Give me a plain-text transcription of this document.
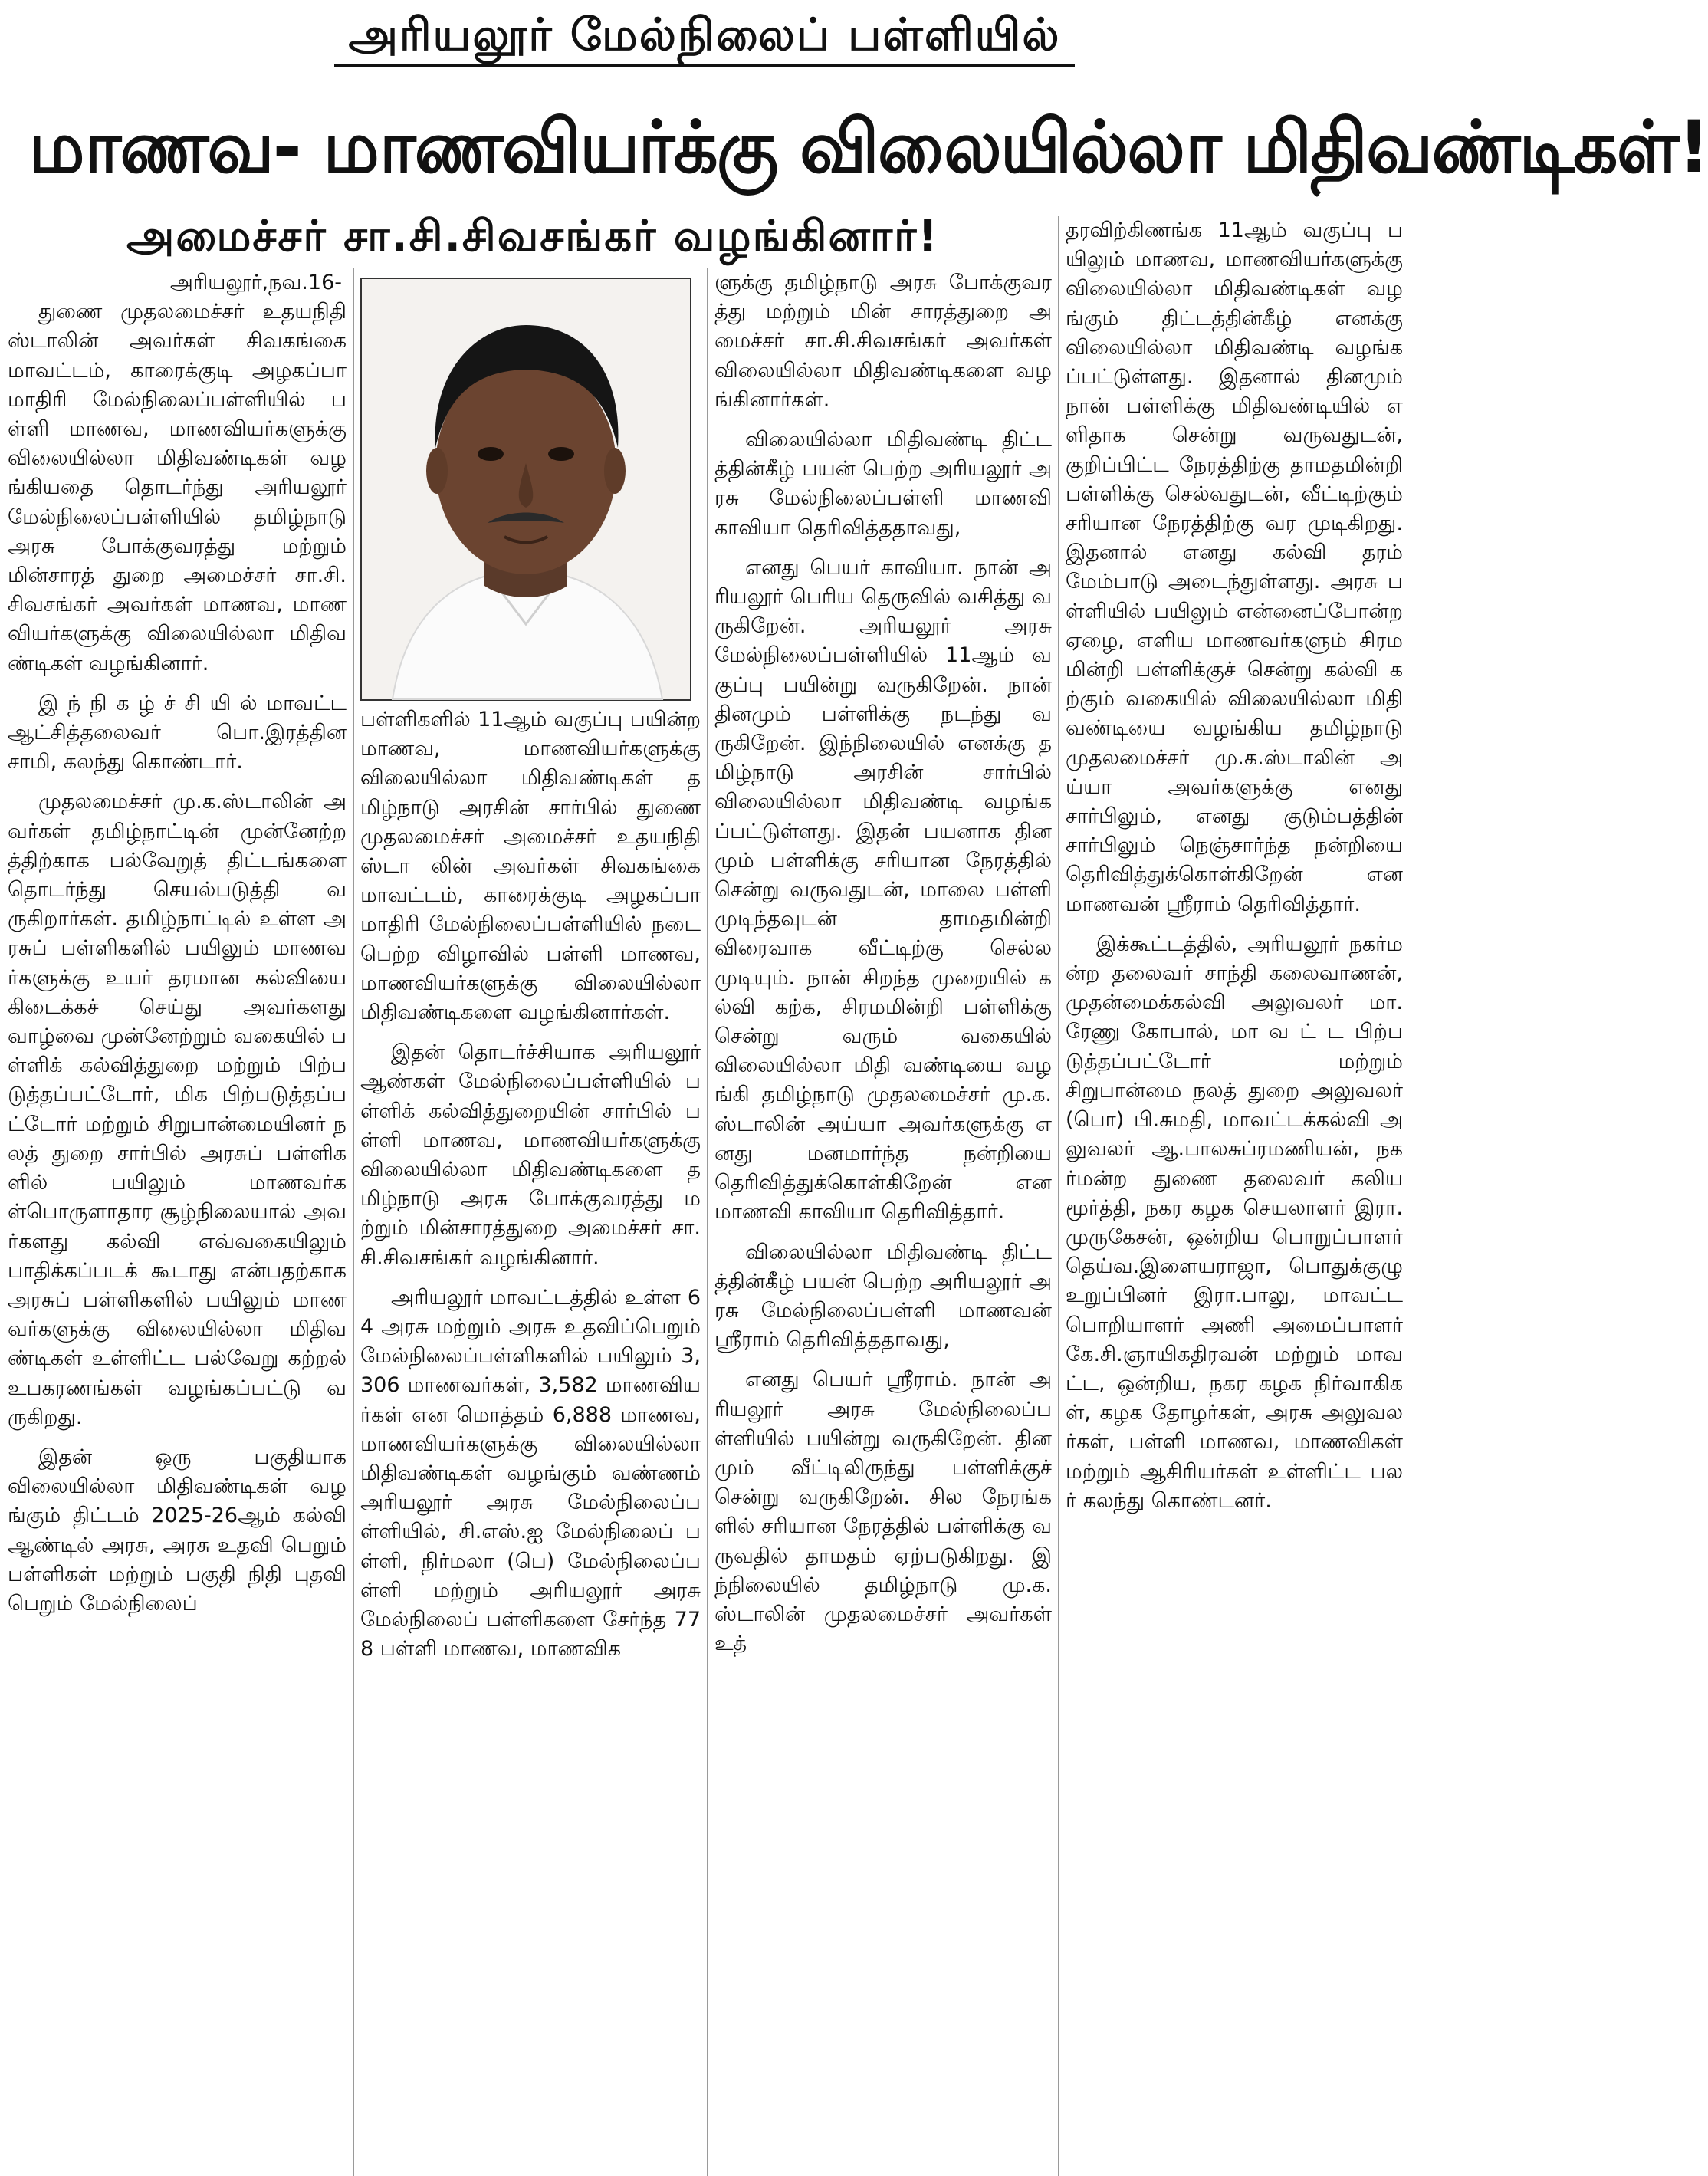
அரியலூர் மேல்நிலைப் பள்ளியில்
மாணவ- மாணவியர்க்கு விலையில்லா மிதிவண்டிகள்!
அமைச்சர் சா.சி.சிவசங்கர் வழங்கினார்!
அரியலூர்,நவ.16-

துணை முதலமைச்சர் உதயநிதி ஸ்டாலின் அவர்கள் சிவகங்கை மாவட்டம், காரைக்குடி அழகப்பா மாதிரி மேல்நிலைப்பள்ளியில் பள்ளி மாணவ, மாணவியர்களுக்கு விலையில்லா மிதிவண்டிகள் வழங்கியதை தொடர்ந்து அரியலூர் மேல்நிலைப்பள்ளியில் தமிழ்நாடு அரசு போக்குவரத்து மற்றும் மின்சாரத் துறை அமைச்சர் சா.சி.சிவசங்கர் அவர்கள் மாணவ, மாணவியர்களுக்கு விலையில்லா மிதிவண்டிகள் வழங்கினார்.

இ ந் நி க ழ் ச் சி யி ல் மாவட்ட ஆட்சித்தலைவர் பொ.இரத்தினசாமி, கலந்து கொண்டார்.

முதலமைச்சர் மு.க.ஸ்டாலின் அவர்கள் தமிழ்நாட்டின் முன்னேற்றத்திற்காக பல்வேறுத் திட்டங்களை தொடர்ந்து செயல்படுத்தி வருகிறார்கள். தமிழ்நாட்டில் உள்ள அரசுப் பள்ளிகளில் பயிலும் மாணவர்களுக்கு உயர் தரமான கல்வியை கிடைக்கச் செய்து அவர்களது வாழ்வை முன்னேற்றும் வகையில் பள்ளிக் கல்வித்துறை மற்றும் பிற்படுத்தப்பட்டோர், மிக பிற்படுத்தப்பட்டோர் மற்றும் சிறுபான்மையினர் நலத் துறை சார்பில் அரசுப் பள்ளிகளில் பயிலும் மாணவர்கள்பொருளாதார சூழ்நிலையால் அவர்களது கல்வி எவ்வகையிலும் பாதிக்கப்படக் கூடாது என்பதற்காக அரசுப் பள்ளிகளில் பயிலும் மாணவர்களுக்கு விலையில்லா மிதிவண்டிகள் உள்ளிட்ட பல்வேறு கற்றல் உபகரணங்கள் வழங்கப்பட்டு வருகிறது.

இதன் ஒரு பகுதியாக விலையில்லா மிதிவண்டிகள் வழங்கும் திட்டம் 2025-26ஆம் கல்வி ஆண்டில் அரசு, அரசு உதவி பெறும் பள்ளிகள் மற்றும் பகுதி நிதி புதவி பெறும் மேல்நிலைப்

பள்ளிகளில் 11ஆம் வகுப்பு பயின்ற மாணவ, மாணவியர்களுக்கு விலையில்லா மிதிவண்டிகள் தமிழ்நாடு அரசின் சார்பில் துணை முதலமைச்சர் அமைச்சர் உதயநிதி ஸ்டா லின் அவர்கள் சிவகங்கை மாவட்டம், காரைக்குடி அழகப்பா மாதிரி மேல்நிலைப்பள்ளியில் நடை பெற்ற விழாவில் பள்ளி மாணவ, மாணவியர்களுக்கு விலையில்லா மிதிவண்டிகளை வழங்கினார்கள்.

இதன் தொடர்ச்சியாக அரியலூர் ஆண்கள் மேல்நிலைப்பள்ளியில் பள்ளிக் கல்வித்துறையின் சார்பில் பள்ளி மாணவ, மாணவியர்களுக்கு விலையில்லா மிதிவண்டிகளை தமிழ்நாடு அரசு போக்குவரத்து மற்றும் மின்சாரத்துறை அமைச்சர் சா.சி.சிவசங்கர் வழங்கினார்.

அரியலூர் மாவட்டத்தில் உள்ள 64 அரசு மற்றும் அரசு உதவிப்பெறும் மேல்நிலைப்பள்ளிகளில் பயிலும் 3,306 மாணவர்கள், 3,582 மாணவியர்கள் என மொத்தம் 6,888 மாணவ, மாணவியர்களுக்கு விலையில்லா மிதிவண்டிகள் வழங்கும் வண்ணம் அரியலூர் அரசு மேல்நிலைப்பள்ளியில், சி.எஸ்.ஐ மேல்நிலைப் பள்ளி, நிர்மலா (பெ) மேல்நிலைப்பள்ளி மற்றும் அரியலூர் அரசு மேல்நிலைப் பள்ளிகளை சேர்ந்த 778 பள்ளி மாணவ, மாணவிக

ளுக்கு தமிழ்நாடு அரசு போக்குவரத்து மற்றும் மின் சாரத்துறை அமைச்சர் சா.சி.சிவசங்கர் அவர்கள் விலையில்லா மிதிவண்டிகளை வழங்கினார்கள்.

விலையில்லா மிதிவண்டி திட்டத்தின்கீழ் பயன் பெற்ற அரியலூர் அரசு மேல்நிலைப்பள்ளி மாணவி காவியா தெரிவித்ததாவது,

எனது பெயர் காவியா. நான் அரியலூர் பெரிய தெருவில் வசித்து வருகிறேன். அரியலூர் அரசு மேல்நிலைப்பள்ளியில் 11ஆம் வகுப்பு பயின்று வருகிறேன். நான் தினமும் பள்ளிக்கு நடந்து வருகிறேன். இந்நிலையில் எனக்கு தமிழ்நாடு அரசின் சார்பில் விலையில்லா மிதிவண்டி வழங்கப்பட்டுள்ளது. இதன் பயனாக தினமும் பள்ளிக்கு சரியான நேரத்தில் சென்று வருவதுடன், மாலை பள்ளி முடிந்தவுடன் தாமதமின்றி விரைவாக வீட்டிற்கு செல்ல முடியும். நான் சிறந்த முறையில் கல்வி கற்க, சிரமமின்றி பள்ளிக்கு சென்று வரும் வகையில் விலையில்லா மிதி வண்டியை வழங்கி தமிழ்நாடு முதலமைச்சர் மு.க.ஸ்டாலின் அய்யா அவர்களுக்கு எனது மனமார்ந்த நன்றியை தெரிவித்துக்கொள்கிறேன் என மாணவி காவியா தெரிவித்தார்.

விலையில்லா மிதிவண்டி திட்டத்தின்கீழ் பயன் பெற்ற அரியலூர் அரசு மேல்நிலைப்பள்ளி மாணவன் ஸ்ரீராம் தெரிவித்ததாவது,

எனது பெயர் ஸ்ரீராம். நான் அரியலூர் அரசு மேல்நிலைப்பள்ளியில் பயின்று வருகிறேன். தினமும் வீட்டிலிருந்து பள்ளிக்குச் சென்று வருகிறேன். சில நேரங்களில் சரியான நேரத்தில் பள்ளிக்கு வருவதில் தாமதம் ஏற்படுகிறது. இந்நிலையில் தமிழ்நாடு மு.க.ஸ்டாலின் முதலமைச்சர் அவர்கள் உத்

தரவிற்கிணங்க 11ஆம் வகுப்பு பயிலும் மாணவ, மாணவியர்களுக்கு விலையில்லா மிதிவண்டிகள் வழங்கும் திட்டத்தின்கீழ் எனக்கு விலையில்லா மிதிவண்டி வழங்கப்பட்டுள்ளது. இதனால் தினமும் நான் பள்ளிக்கு மிதிவண்டியில் எளிதாக சென்று வருவதுடன், குறிப்பிட்ட நேரத்திற்கு தாமதமின்றி பள்ளிக்கு செல்வதுடன், வீட்டிற்கும் சரியான நேரத்திற்கு வர முடிகிறது. இதனால் எனது கல்வி தரம் மேம்பாடு அடைந்துள்ளது. அரசு பள்ளியில் பயிலும் என்னைப்போன்ற ஏழை, எளிய மாணவர்களும் சிரமமின்றி பள்ளிக்குச் சென்று கல்வி கற்கும் வகையில் விலையில்லா மிதி வண்டியை வழங்கிய தமிழ்நாடு முதலமைச்சர் மு.க.ஸ்டாலின் அய்யா அவர்களுக்கு எனது சார்பிலும், எனது குடும்பத்தின் சார்பிலும் நெஞ்சார்ந்த நன்றியை தெரிவித்துக்கொள்கிறேன் என மாணவன் ஸ்ரீராம் தெரிவித்தார்.

இக்கூட்டத்தில், அரியலூர் நகர்மன்ற தலைவர் சாந்தி கலைவாணன், முதன்மைக்கல்வி அலுவலர் மா.ரேணு கோபால், மா வ ட் ட பிற்படுத்தப்பட்டோர் மற்றும் சிறுபான்மை நலத் துறை அலுவலர் (பொ) பி.சுமதி, மாவட்டக்கல்வி அலுவலர் ஆ.பாலசுப்ரமணியன், நகர்மன்ற துணை தலைவர் கலியமூர்த்தி, நகர கழக செயலாளர் இரா.முருகேசன், ஒன்றிய பொறுப்பாளர் தெய்வ.இளையராஜா, பொதுக்குழு உறுப்பினர் இரா.பாலு, மாவட்ட பொறியாளர் அணி அமைப்பாளர் கே.சி.ஞாயிகதிரவன் மற்றும் மாவட்ட, ஒன்றிய, நகர கழக நிர்வாகிகள், கழக தோழர்கள், அரசு அலுவலர்கள், பள்ளி மாணவ, மாணவிகள் மற்றும் ஆசிரியர்கள் உள்ளிட்ட பலர் கலந்து கொண்டனர்.
